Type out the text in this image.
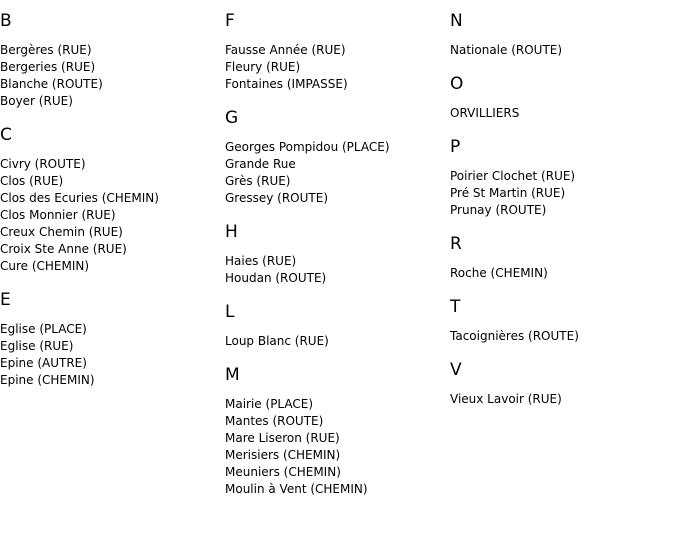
B
Bergères (RUE)
Bergeries (RUE)
Blanche (ROUTE)
Boyer (RUE)
C
Civry (ROUTE)
Clos (RUE)
Clos des Ecuries (CHEMIN)
Clos Monnier (RUE)
Creux Chemin (RUE)
Croix Ste Anne (RUE)
Cure (CHEMIN)
E
Eglise (PLACE)
Eglise (RUE)
Epine (AUTRE)
Epine (CHEMIN)
F
Fausse Année (RUE)
Fleury (RUE)
Fontaines (IMPASSE)
G
Georges Pompidou (PLACE)
Grande Rue
Grès (RUE)
Gressey (ROUTE)
H
Haies (RUE)
Houdan (ROUTE)
L
Loup Blanc (RUE)
M
Mairie (PLACE)
Mantes (ROUTE)
Mare Liseron (RUE)
Merisiers (CHEMIN)
Meuniers (CHEMIN)
Moulin à Vent (CHEMIN)
N
Nationale (ROUTE)
O
ORVILLIERS
P
Poirier Clochet (RUE)
Pré St Martin (RUE)
Prunay (ROUTE)
R
Roche (CHEMIN)
T
Tacoignières (ROUTE)
V
Vieux Lavoir (RUE)
